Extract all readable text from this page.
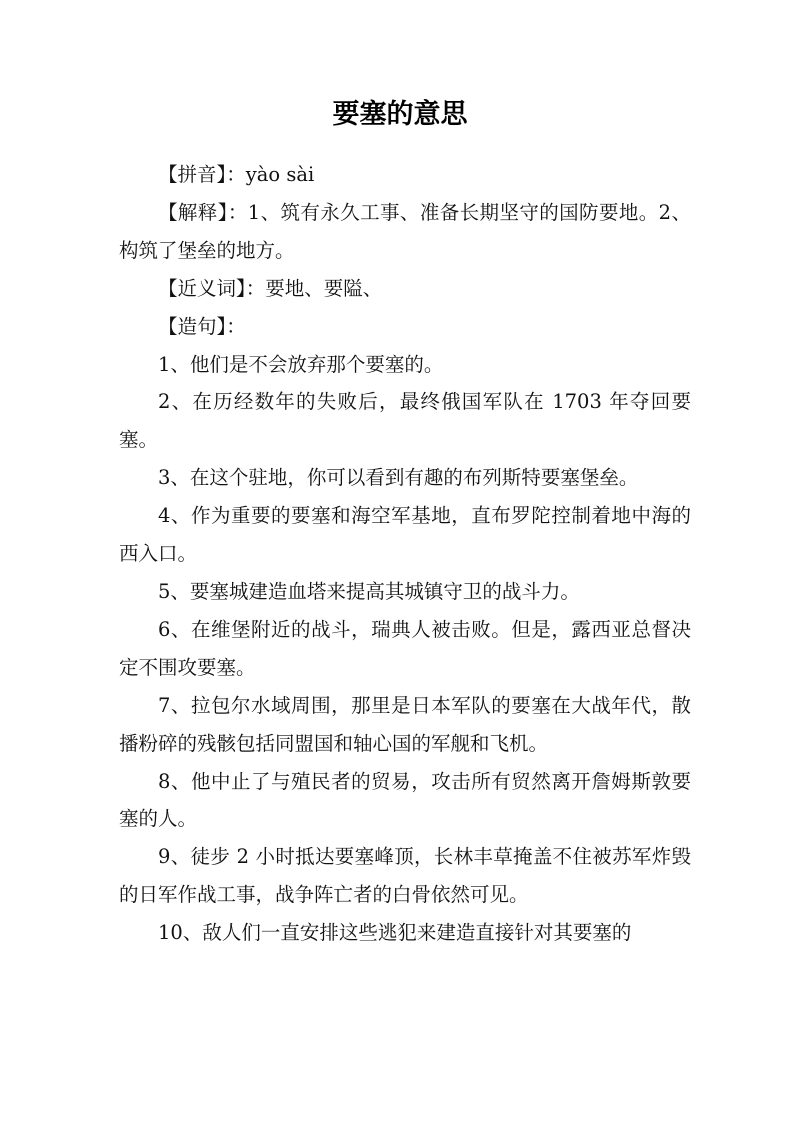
要塞的意思

【拼音】：yào sài

【解释】：1、筑有永久工事、准备长期坚守的国防要地。2、构筑了堡垒的地方。

【近义词】：要地、要隘、

【造句】：

1、他们是不会放弃那个要塞的。

2、在历经数年的失败后，最终俄国军队在 1703 年夺回要塞。

3、在这个驻地，你可以看到有趣的布列斯特要塞堡垒。

4、作为重要的要塞和海空军基地，直布罗陀控制着地中海的西入口。

5、要塞城建造血塔来提高其城镇守卫的战斗力。

6、在维堡附近的战斗，瑞典人被击败。但是，露西亚总督决定不围攻要塞。

7、拉包尔水域周围，那里是日本军队的要塞在大战年代，散播粉碎的残骸包括同盟国和轴心国的军舰和飞机。

8、他中止了与殖民者的贸易，攻击所有贸然离开詹姆斯敦要塞的人。

9、徒步 2 小时抵达要塞峰顶，长林丰草掩盖不住被苏军炸毁的日军作战工事，战争阵亡者的白骨依然可见。

10、敌人们一直安排这些逃犯来建造直接针对其要塞的
